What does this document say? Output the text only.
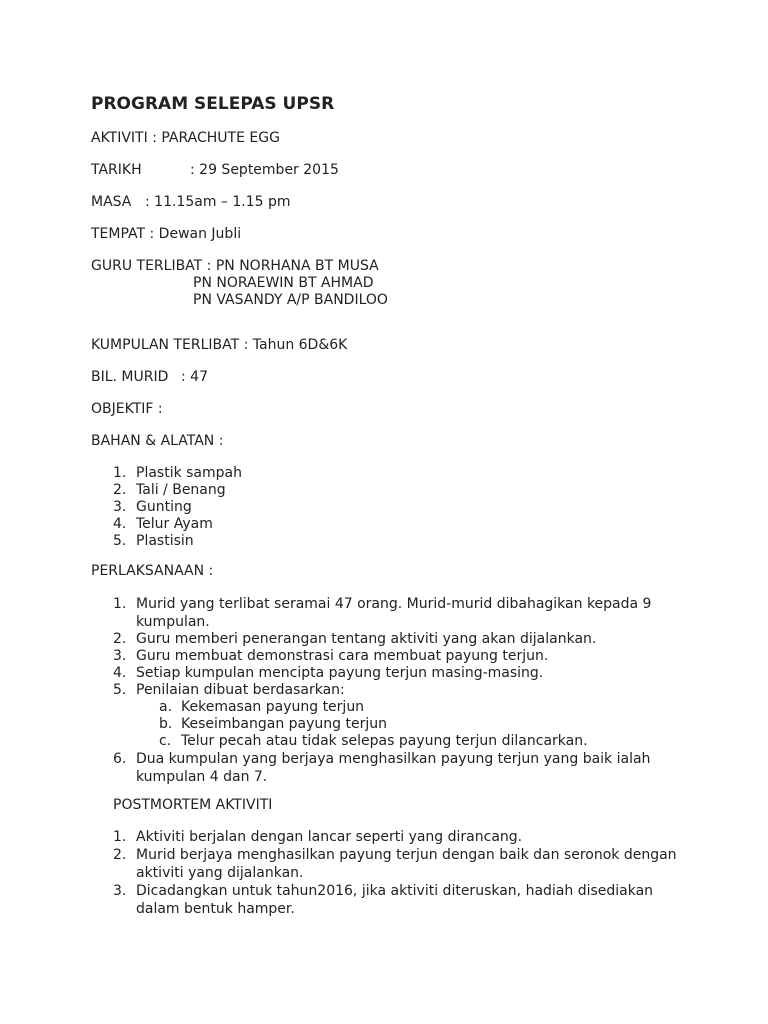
PROGRAM SELEPAS UPSR
AKTIVITI : PARACHUTE EGG
TARIKH	: 29 September 2015
MASA : 11.15am – 1.15 pm
TEMPAT : Dewan Jubli
GURU TERLIBAT : PN NORHANA BT MUSA
PN NORAEWIN BT AHMAD
PN VASANDY A/P BANDILOO
KUMPULAN TERLIBAT : Tahun 6D&6K
BIL. MURID : 47
OBJEKTIF :
BAHAN & ALATAN :
1. Plastik sampah
2. Tali / Benang
3. Gunting
4. Telur Ayam
5. Plastisin
PERLAKSANAAN :
1. Murid yang terlibat seramai 47 orang. Murid-murid dibahagikan kepada 9 kumpulan.
2. Guru memberi penerangan tentang aktiviti yang akan dijalankan.
3. Guru membuat demonstrasi cara membuat payung terjun.
4. Setiap kumpulan mencipta payung terjun masing-masing.
5. Penilaian dibuat berdasarkan:
a. Kekemasan payung terjun
b. Keseimbangan payung terjun
c. Telur pecah atau tidak selepas payung terjun dilancarkan.
6. Dua kumpulan yang berjaya menghasilkan payung terjun yang baik ialah kumpulan 4 dan 7.
POSTMORTEM AKTIVITI
1. Aktiviti berjalan dengan lancar seperti yang dirancang.
2. Murid berjaya menghasilkan payung terjun dengan baik dan seronok dengan aktiviti yang dijalankan.
3. Dicadangkan untuk tahun2016, jika aktiviti diteruskan, hadiah disediakan dalam bentuk hamper.
